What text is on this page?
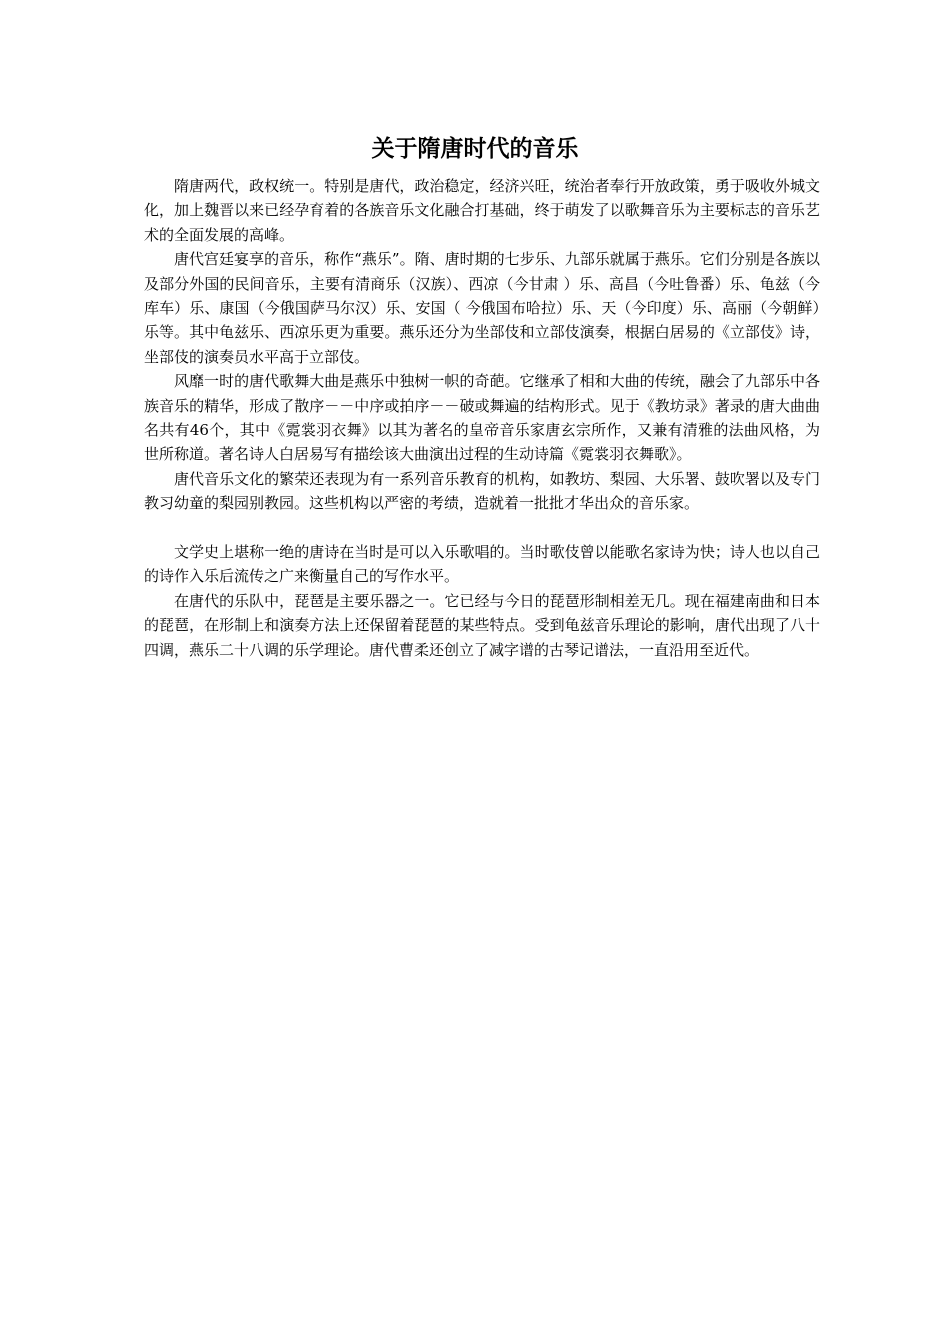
关于隋唐时代的音乐

隋唐两代，政权统一。特别是唐代，政治稳定，经济兴旺，统治者奉行开放政策，勇于吸收外城文化，加上魏晋以来已经孕育着的各族音乐文化融合打基础，终于萌发了以歌舞音乐为主要标志的音乐艺术的全面发展的高峰。

唐代宫廷宴享的音乐，称作“燕乐”。隋、唐时期的七步乐、九部乐就属于燕乐。它们分别是各族以及部分外国的民间音乐，主要有清商乐（汉族）、西凉（今甘肃 ）乐、高昌（今吐鲁番）乐、龟兹（今库车）乐、康国（今俄国萨马尔汉）乐、安国（ 今俄国布哈拉）乐、天（今印度）乐、高丽（今朝鲜）乐等。其中龟兹乐、西凉乐更为重要。燕乐还分为坐部伎和立部伎演奏，根据白居易的《立部伎》诗，坐部伎的演奏员水平高于立部伎。

风靡一时的唐代歌舞大曲是燕乐中独树一帜的奇葩。它继承了相和大曲的传统，融会了九部乐中各族音乐的精华，形成了散序－－中序或拍序－－破或舞遍的结构形式。见于《教坊录》著录的唐大曲曲名共有46个，其中《霓裳羽衣舞》以其为著名的皇帝音乐家唐玄宗所作，又兼有清雅的法曲风格，为世所称道。著名诗人白居易写有描绘该大曲演出过程的生动诗篇《霓裳羽衣舞歌》。

唐代音乐文化的繁荣还表现为有一系列音乐教育的机构，如教坊、梨园、大乐署、鼓吹署以及专门教习幼童的梨园别教园。这些机构以严密的考绩，造就着一批批才华出众的音乐家。

文学史上堪称一绝的唐诗在当时是可以入乐歌唱的。当时歌伎曾以能歌名家诗为快；诗人也以自己的诗作入乐后流传之广来衡量自己的写作水平。

在唐代的乐队中，琵琶是主要乐器之一。它已经与今日的琵琶形制相差无几。现在福建南曲和日本的琵琶，在形制上和演奏方法上还保留着琵琶的某些特点。受到龟兹音乐理论的影响，唐代出现了八十四调，燕乐二十八调的乐学理论。唐代曹柔还创立了减字谱的古琴记谱法，一直沿用至近代。
